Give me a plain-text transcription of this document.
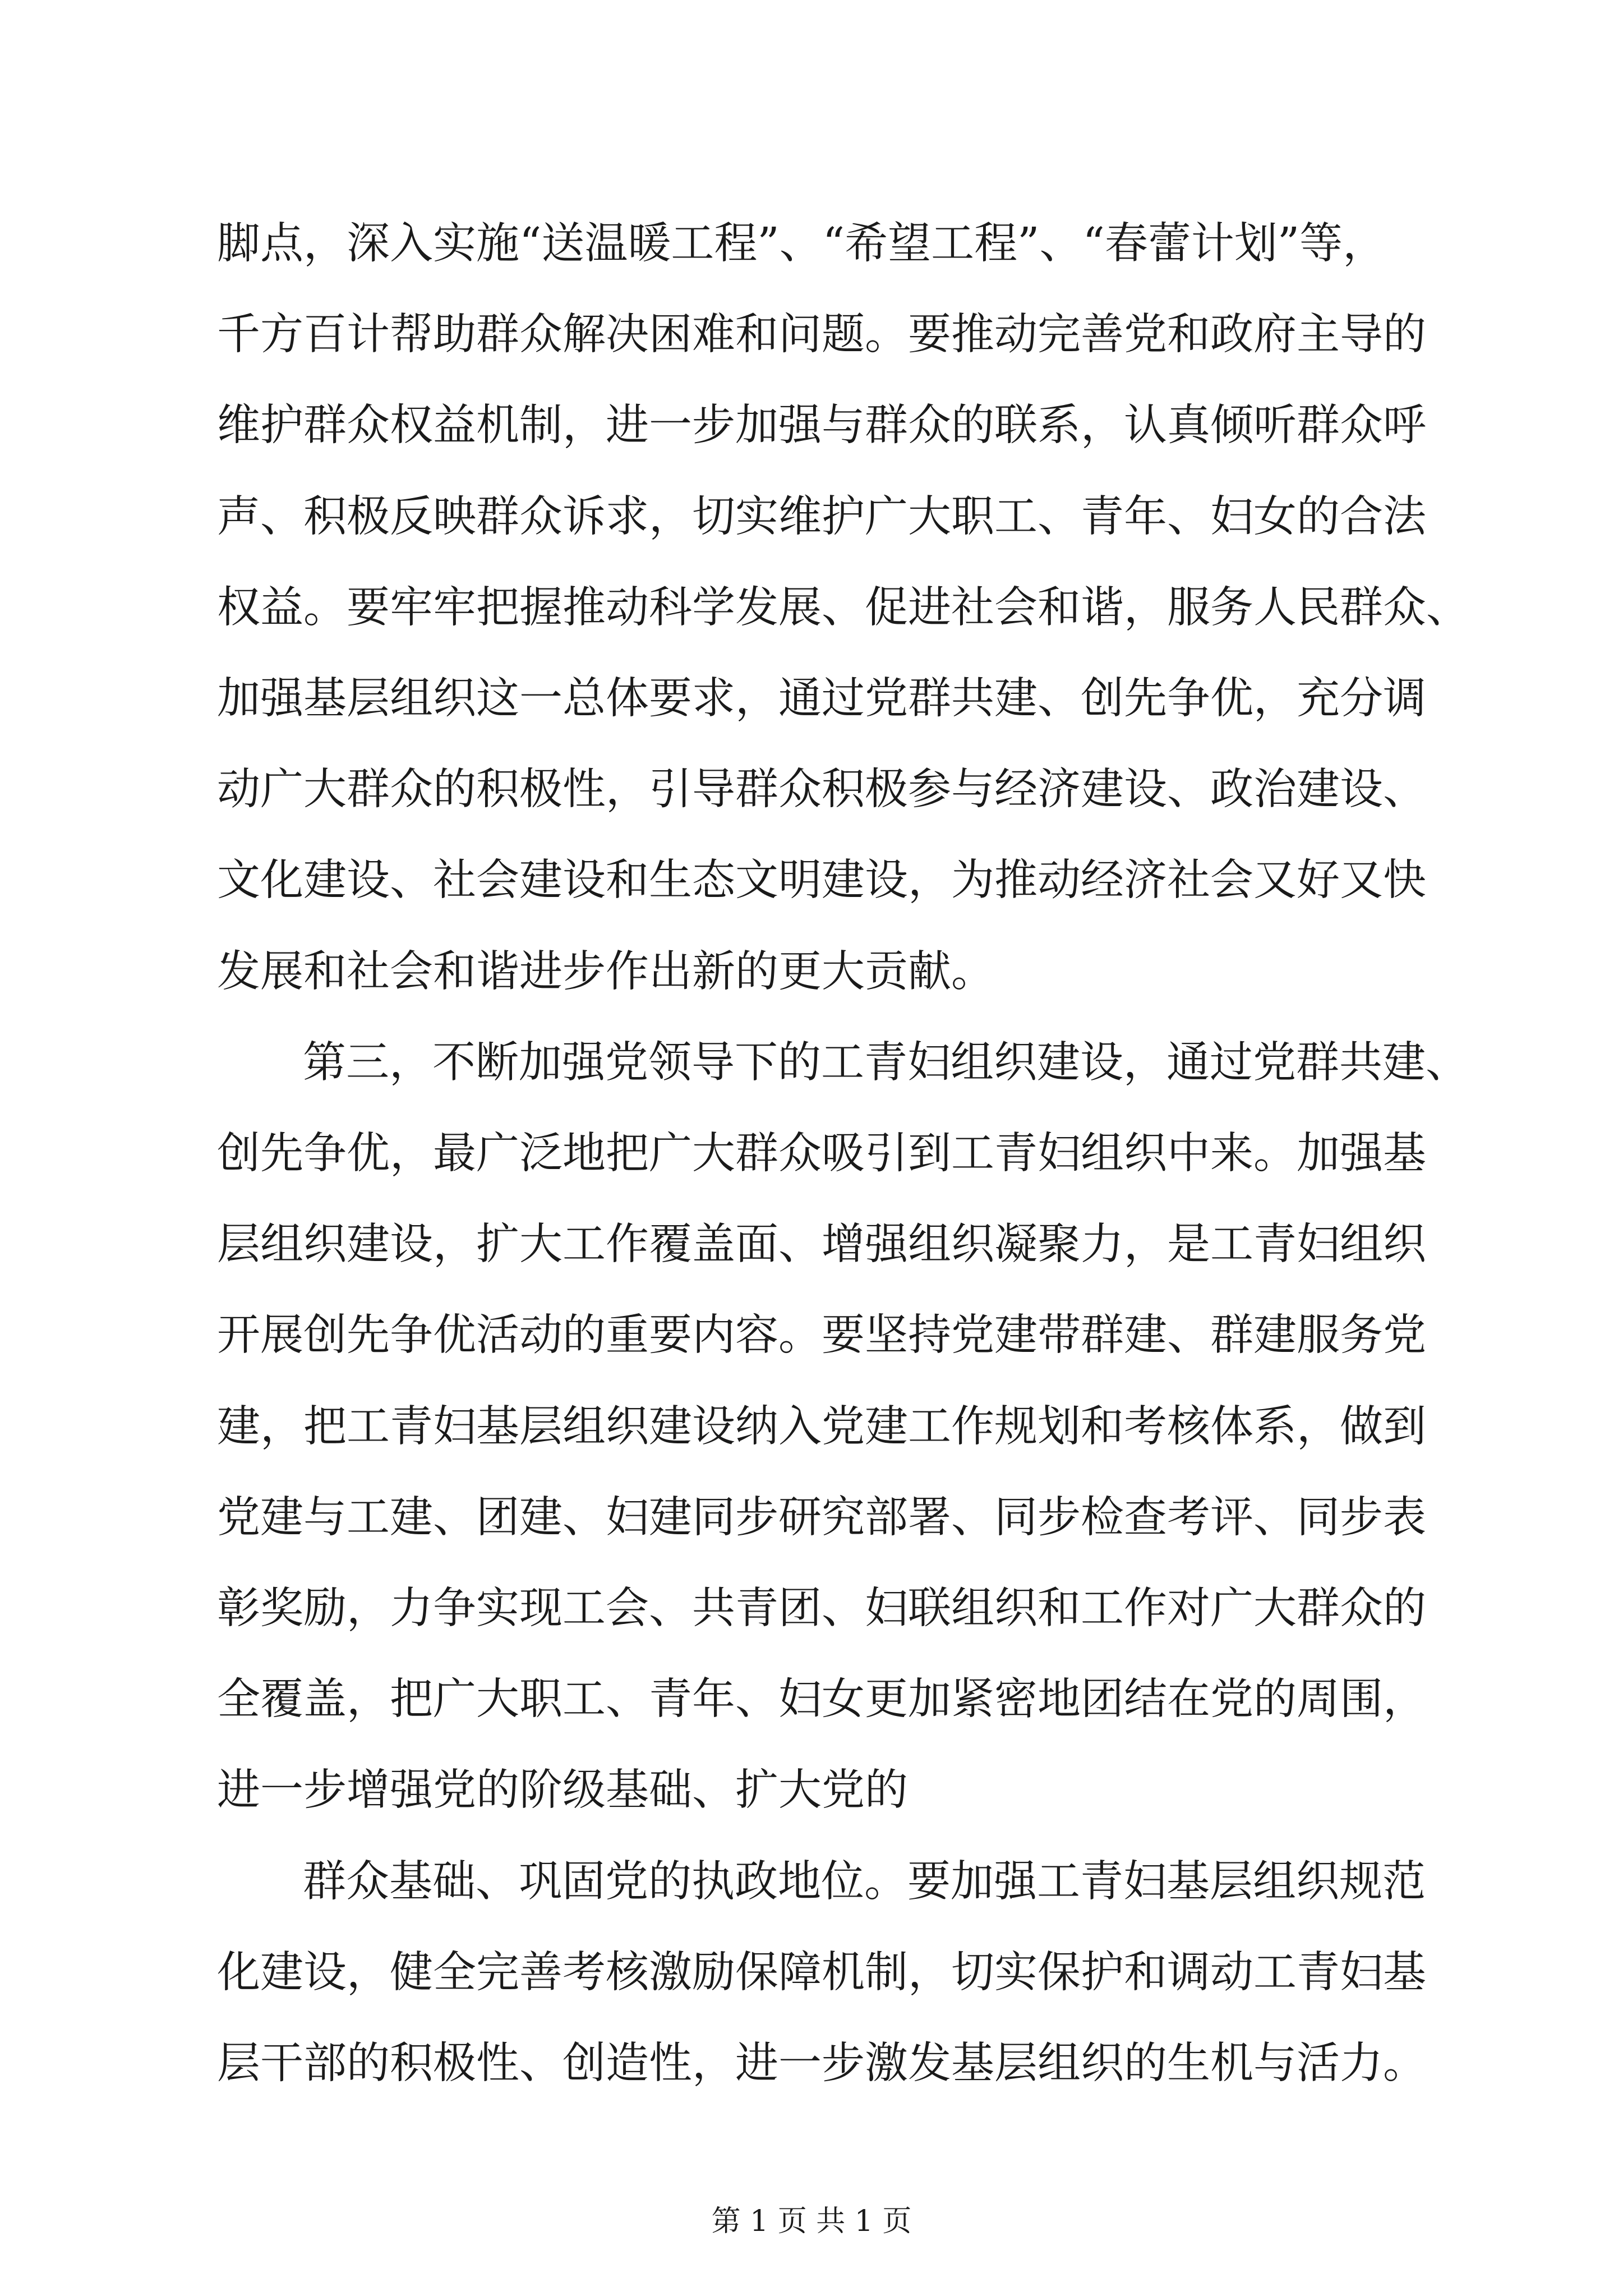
脚点，深入实施“送温暖工程”、“希望工程”、“春蕾计划”等，
千方百计帮助群众解决困难和问题。要推动完善党和政府主导的
维护群众权益机制，进一步加强与群众的联系，认真倾听群众呼
声、积极反映群众诉求，切实维护广大职工、青年、妇女的合法
权益。要牢牢把握推动科学发展、促进社会和谐，服务人民群众、
加强基层组织这一总体要求，通过党群共建、创先争优，充分调
动广大群众的积极性，引导群众积极参与经济建设、政治建设、
文化建设、社会建设和生态文明建设，为推动经济社会又好又快
发展和社会和谐进步作出新的更大贡献。
第三，不断加强党领导下的工青妇组织建设，通过党群共建、
创先争优，最广泛地把广大群众吸引到工青妇组织中来。加强基
层组织建设，扩大工作覆盖面、增强组织凝聚力，是工青妇组织
开展创先争优活动的重要内容。要坚持党建带群建、群建服务党
建，把工青妇基层组织建设纳入党建工作规划和考核体系，做到
党建与工建、团建、妇建同步研究部署、同步检查考评、同步表
彰奖励，力争实现工会、共青团、妇联组织和工作对广大群众的
全覆盖，把广大职工、青年、妇女更加紧密地团结在党的周围，
进一步增强党的阶级基础、扩大党的
群众基础、巩固党的执政地位。要加强工青妇基层组织规范
化建设，健全完善考核激励保障机制，切实保护和调动工青妇基
层干部的积极性、创造性，进一步激发基层组织的生机与活力。
第 1 页 共 1 页
